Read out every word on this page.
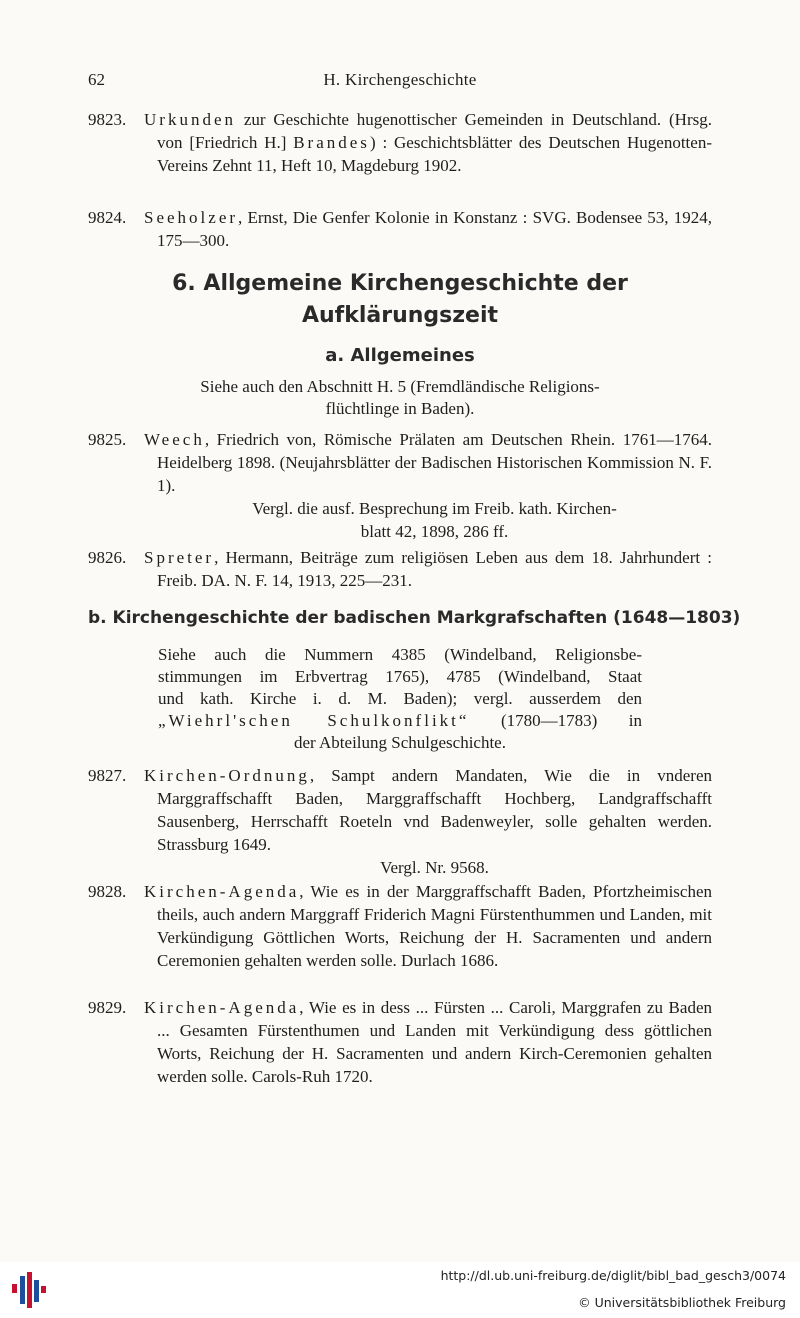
62	H. Kirchengeschichte
9823.	Urkunden zur Geschichte hugenottischer Gemeinden in Deutschland. (Hrsg. von [Friedrich H.] Brandes) : Geschichtsblätter des Deutschen Hugenotten-Vereins Zehnt 11, Heft 10, Magdeburg 1902.
9824.	Seeholzer, Ernst, Die Genfer Kolonie in Konstanz : SVG. Bodensee 53, 1924, 175—300.
6. Allgemeine Kirchengeschichte der
Aufklärungszeit
a. Allgemeines
Siehe auch den Abschnitt H. 5 (Fremdländische Religions-
flüchtlinge in Baden).
9825.	Weech, Friedrich von, Römische Prälaten am Deutschen Rhein. 1761—1764. Heidelberg 1898. (Neujahrsblätter der Badischen Historischen Kommission N. F. 1).
Vergl. die ausf. Besprechung im Freib. kath. Kirchen-
blatt 42, 1898, 286 ff.
9826.	Spreter, Hermann, Beiträge zum religiösen Leben aus dem 18. Jahrhundert : Freib. DA. N. F. 14, 1913, 225—231.
b. Kirchengeschichte der badischen Markgrafschaften (1648—1803)
Siehe auch die Nummern 4385 (Windelband, Religionsbe-
stimmungen im Erbvertrag 1765), 4785 (Windelband, Staat
und kath. Kirche i. d. M. Baden); vergl. ausserdem den
„Wiehrl'schen Schulkonflikt“ (1780—1783) in
der Abteilung Schulgeschichte.
9827.	Kirchen-Ordnung, Sampt andern Mandaten, Wie die in vnderen Marggraffschafft Baden, Marggraffschafft Hochberg, Landgraffschafft Sausenberg, Herrschafft Roeteln vnd Badenweyler, solle gehalten werden. Strassburg 1649.
Vergl. Nr. 9568.
9828.	Kirchen-Agenda, Wie es in der Marggraffschafft Baden, Pfortzheimischen theils, auch andern Marggraff Friderich Magni Fürstenthummen und Landen, mit Verkündigung Göttlichen Worts, Reichung der H. Sacramenten und andern Ceremonien gehalten werden solle. Durlach 1686.
9829.	Kirchen-Agenda, Wie es in dess ... Fürsten ... Caroli, Marggrafen zu Baden ... Gesamten Fürstenthumen und Landen mit Verkündigung dess göttlichen Worts, Reichung der H. Sacramenten und andern Kirch-Ceremonien gehalten werden solle. Carols-Ruh 1720.
http://dl.ub.uni-freiburg.de/diglit/bibl_bad_gesch3/0074
© Universitätsbibliothek Freiburg
